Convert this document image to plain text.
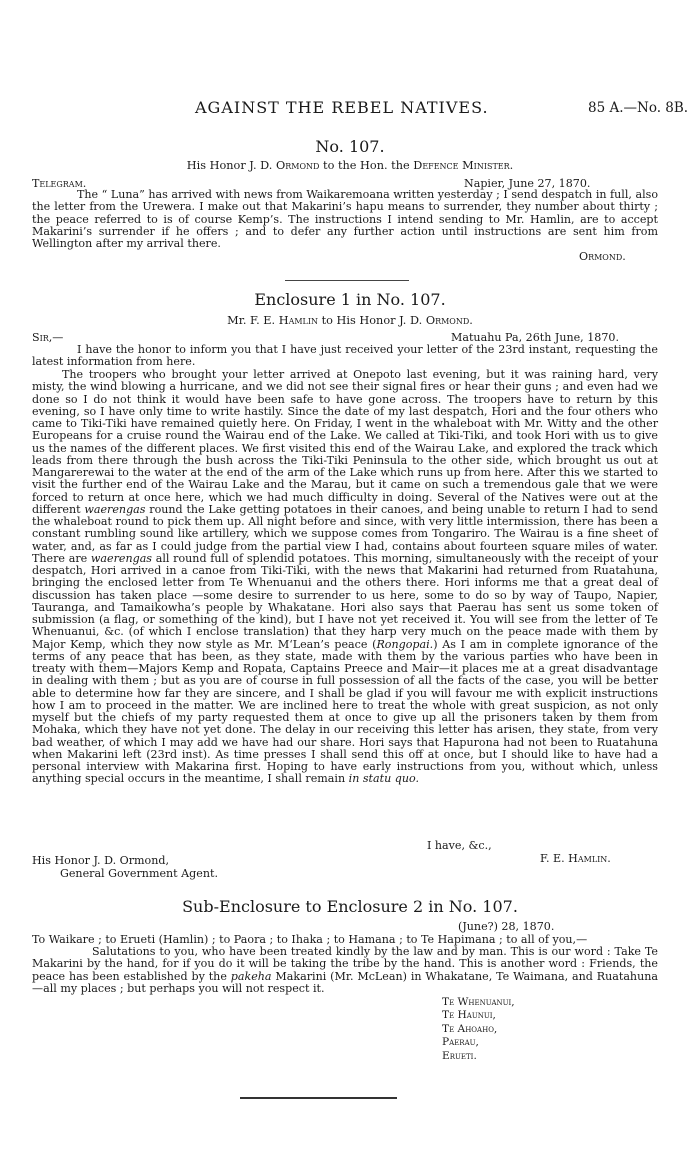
AGAINST THE REBEL NATIVES.	85 A.—No. 8B.
No. 107.
His Honor J. D. Ormond to the Hon. the Defence Minister.
Telegram.	Napier, June 27, 1870.

The “ Luna” has arrived with news from Waikaremoana written yesterday ; I send despatch in full, also the letter from the Urewera. I make out that Makarini’s hapu means to surrender, they number about thirty ; the peace referred to is of course Kemp’s. The instructions I intend sending to Mr. Hamlin, are to accept Makarini’s surrender if he offers ; and to defer any further action until instructions are sent him from Wellington after my arrival there.

Ormond.
Enclosure 1 in No. 107.
Mr. F. E. Hamlin to His Honor J. D. Ormond.
Sir,—	Matuahu Pa, 26th June, 1870.

I have the honor to inform you that I have just received your letter of the 23rd instant, requesting the latest information from here.

The troopers who brought your letter arrived at Onepoto last evening, but it was raining hard, very misty, the wind blowing a hurricane, and we did not see their signal fires or hear their guns ; and even had we done so I do not think it would have been safe to have gone across. The troopers have to return by this evening, so I have only time to write hastily. Since the date of my last despatch, Hori and the four others who came to Tiki-Tiki have remained quietly here. On Friday, I went in the whaleboat with Mr. Witty and the other Europeans for a cruise round the Wairau end of the Lake. We called at Tiki-Tiki, and took Hori with us to give us the names of the different places. We first visited this end of the Wairau Lake, and explored the track which leads from there through the bush across the Tiki-Tiki Peninsula to the other side, which brought us out at Mangarerewai to the water at the end of the arm of the Lake which runs up from here. After this we started to visit the further end of the Wairau Lake and the Marau, but it came on such a tremendous gale that we were forced to return at once here, which we had much difficulty in doing. Several of the Natives were out at the different waerengas round the Lake getting potatoes in their canoes, and being unable to return I had to send the whaleboat round to pick them up. All night before and since, with very little intermission, there has been a constant rumbling sound like artillery, which we suppose comes from Tongariro. The Wairau is a fine sheet of water, and, as far as I could judge from the partial view I had, contains about fourteen square miles of water. There are waerengas all round full of splendid potatoes. This morning, simultaneously with the receipt of your despatch, Hori arrived in a canoe from Tiki-Tiki, with the news that Makarini had returned from Ruatahuna, bringing the enclosed letter from Te Whenuanui and the others there. Hori informs me that a great deal of discussion has taken place —some desire to surrender to us here, some to do so by way of Taupo, Napier, Tauranga, and Tamaikowha’s people by Whakatane. Hori also says that Paerau has sent us some token of submission (a flag, or something of the kind), but I have not yet received it. You will see from the letter of Te Whenuanui, &c. (of which I enclose translation) that they harp very much on the peace made with them by Major Kemp, which they now style as Mr. M‘Lean’s peace (Rongopai.) As I am in complete ignorance of the terms of any peace that has been, as they state, made with them by the various parties who have been in treaty with them—Majors Kemp and Ropata, Captains Preece and Mair—it places me at a great disadvantage in dealing with them ; but as you are of course in full possession of all the facts of the case, you will be better able to determine how far they are sincere, and I shall be glad if you will favour me with explicit instructions how I am to proceed in the matter. We are inclined here to treat the whole with great suspicion, as not only myself but the chiefs of my party requested them at once to give up all the prisoners taken by them from Mohaka, which they have not yet done. The delay in our receiving this letter has arisen, they state, from very bad weather, of which I may add we have had our share. Hori says that Hapurona had not been to Ruatahuna when Makarini left (23rd inst). As time presses I shall send this off at once, but I should like to have had a personal interview with Makarina first. Hoping to have early instructions from you, without which, unless anything special occurs in the meantime, I shall remain in statu quo.

I have, &c.,
F. E. Hamlin.
His Honor J. D. Ormond,
General Government Agent.
Sub-Enclosure to Enclosure 2 in No. 107.
(June?) 28, 1870.
To Waikare ; to Erueti (Hamlin) ; to Paora ; to Ihaka ; to Hamana ; to Te Hapimana ; to all of you,—

Salutations to you, who have been treated kindly by the law and by man. This is our word : Take Te Makarini by the hand, for if you do it will be taking the tribe by the hand. This is another word : Friends, the peace has been established by the pakeha Makarini (Mr. McLean) in Whakatane, Te Waimana, and Ruatahuna—all my places ; but perhaps you will not respect it.

Te Whenuanui,
Te Haunui,
Te Ahoaho,
Paerau,
Erueti.
